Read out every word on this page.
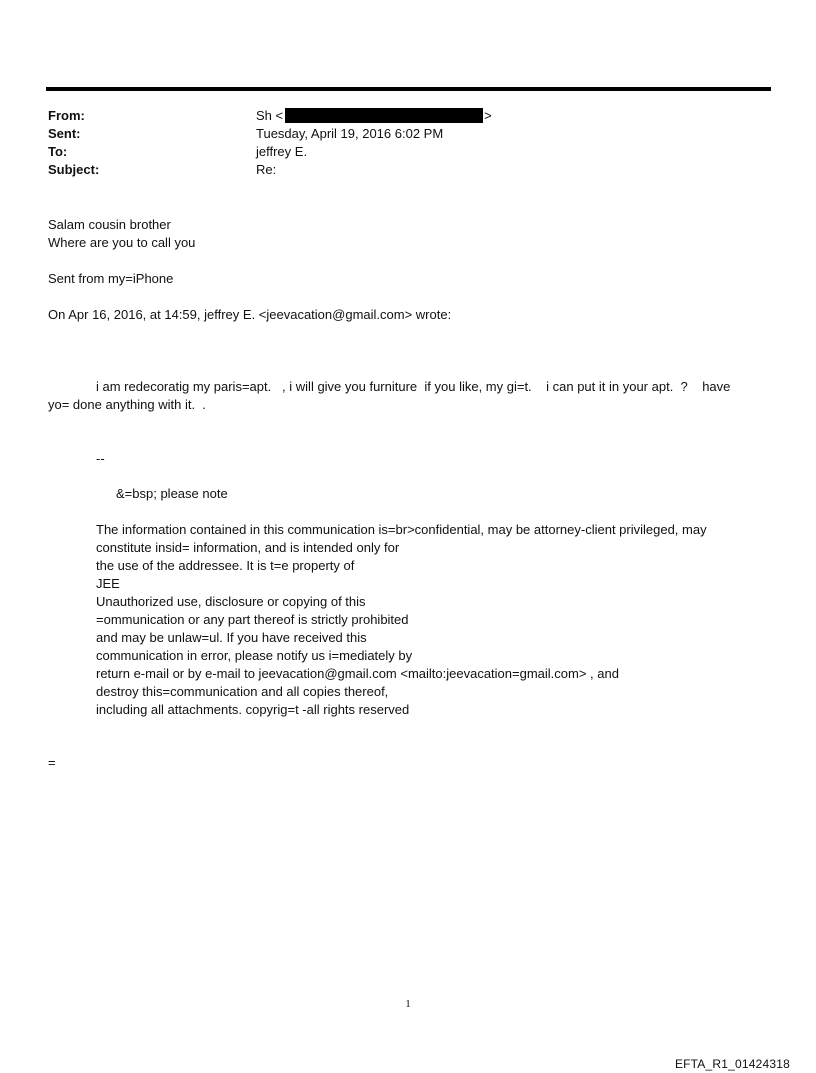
From:	Sh <	>
Sent:	Tuesday, April 19, 2016 6:02 PM
To:	jeffrey E.
Subject:	Re:
Salam cousin brother
Where are you to call you
Sent from my=iPhone
On Apr 16, 2016, at 14:59, jeffrey E. <jeevacation@gmail.com> wrote:
i am redecoratig my paris=apt.   , i will give you furniture  if you like, my gi=t.    i can put it in your apt.  ?    have
yo= done anything with it.  .
--
&=bsp; please note
The information contained in this communication is=br>confidential, may be attorney-client privileged, may
constitute insid= information, and is intended only for
the use of the addressee. It is t=e property of
JEE
Unauthorized use, disclosure or copying of this
=ommunication or any part thereof is strictly prohibited
and may be unlaw=ul. If you have received this
communication in error, please notify us i=mediately by
return e-mail or by e-mail to jeevacation@gmail.com <mailto:jeevacation=gmail.com> , and
destroy this=communication and all copies thereof,
including all attachments. copyrig=t -all rights reserved
=
1
EFTA_R1_01424318
